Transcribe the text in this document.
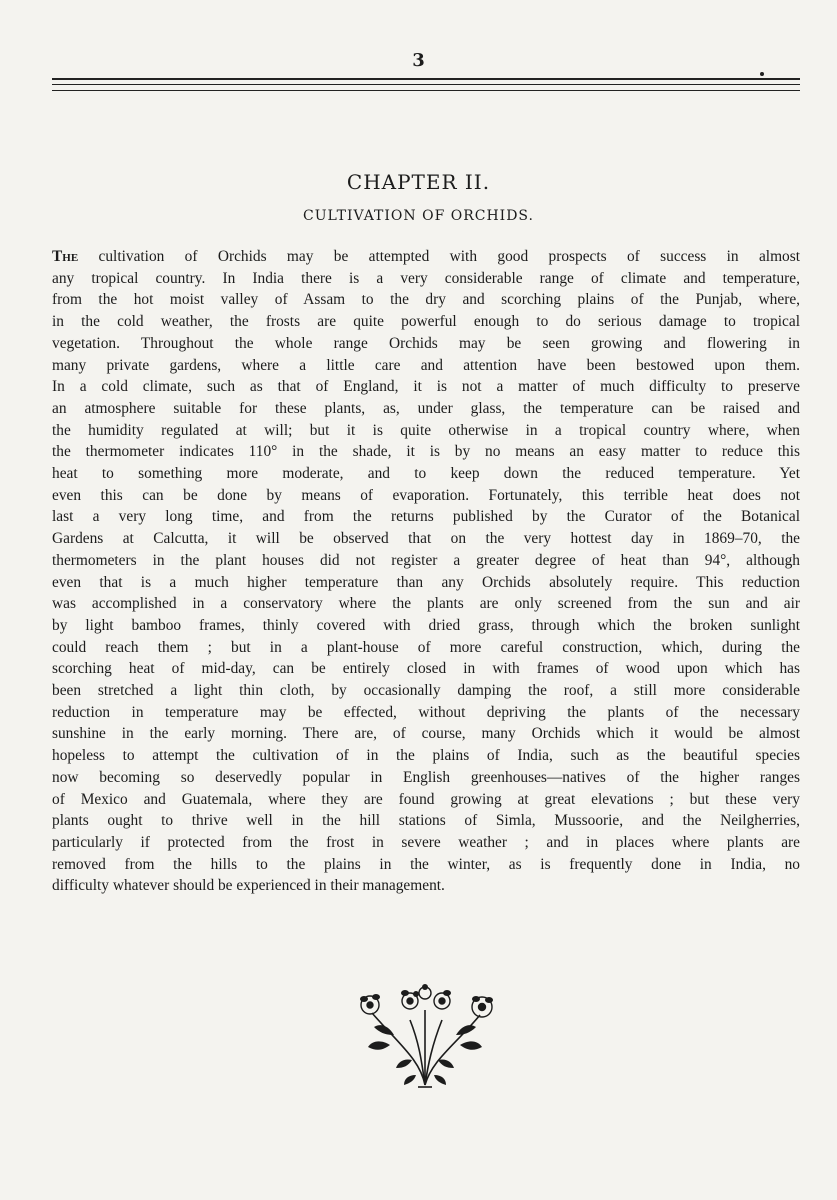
3
CHAPTER II.
CULTIVATION OF ORCHIDS.
The cultivation of Orchids may be attempted with good prospects of success in almost
any tropical country. In India there is a very considerable range of climate and temperature,
from the hot moist valley of Assam to the dry and scorching plains of the Punjab, where,
in the cold weather, the frosts are quite powerful enough to do serious damage to tropical
vegetation. Throughout the whole range Orchids may be seen growing and flowering in
many private gardens, where a little care and attention have been bestowed upon them.
In a cold climate, such as that of England, it is not a matter of much difficulty to preserve
an atmosphere suitable for these plants, as, under glass, the temperature can be raised and
the humidity regulated at will; but it is quite otherwise in a tropical country where, when
the thermometer indicates 110° in the shade, it is by no means an easy matter to reduce this
heat to something more moderate, and to keep down the reduced temperature. Yet
even this can be done by means of evaporation. Fortunately, this terrible heat does not
last a very long time, and from the returns published by the Curator of the Botanical
Gardens at Calcutta, it will be observed that on the very hottest day in 1869–70, the
thermometers in the plant houses did not register a greater degree of heat than 94°, although
even that is a much higher temperature than any Orchids absolutely require. This reduction
was accomplished in a conservatory where the plants are only screened from the sun and air
by light bamboo frames, thinly covered with dried grass, through which the broken sunlight
could reach them ; but in a plant-house of more careful construction, which, during the
scorching heat of mid-day, can be entirely closed in with frames of wood upon which has
been stretched a light thin cloth, by occasionally damping the roof, a still more considerable
reduction in temperature may be effected, without depriving the plants of the necessary
sunshine in the early morning. There are, of course, many Orchids which it would be almost
hopeless to attempt the cultivation of in the plains of India, such as the beautiful species
now becoming so deservedly popular in English greenhouses—natives of the higher ranges
of Mexico and Guatemala, where they are found growing at great elevations ; but these very
plants ought to thrive well in the hill stations of Simla, Mussoorie, and the Neilgherries,
particularly if protected from the frost in severe weather ; and in places where plants are
removed from the hills to the plains in the winter, as is frequently done in India, no
difficulty whatever should be experienced in their management.
